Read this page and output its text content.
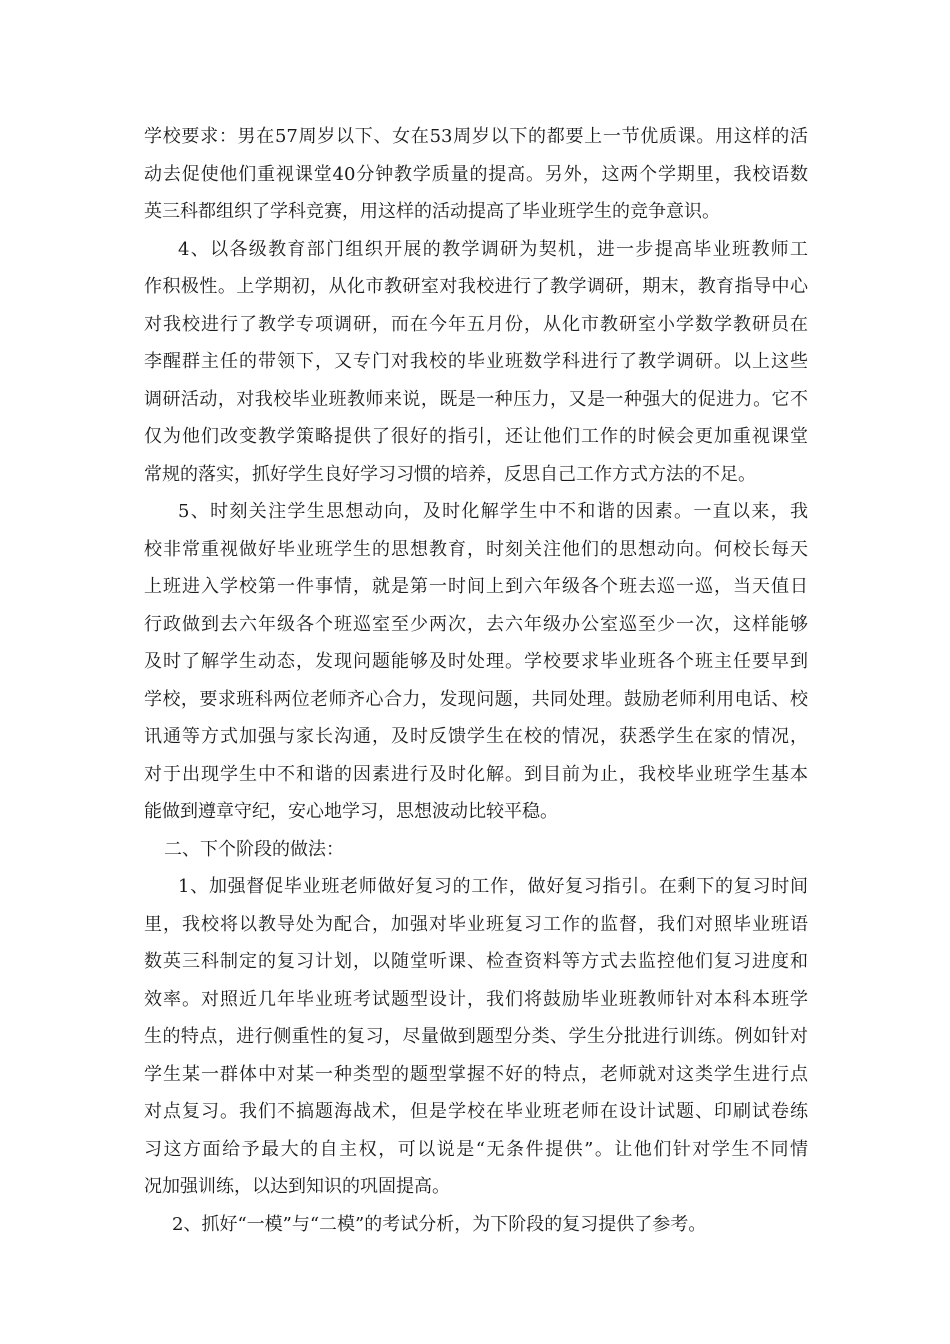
学校要求：男在57周岁以下、女在53周岁以下的都要上一节优质课。用这样的活
动去促使他们重视课堂40分钟教学质量的提高。另外，这两个学期里，我校语数
英三科都组织了学科竞赛，用这样的活动提高了毕业班学生的竞争意识。
4、以各级教育部门组织开展的教学调研为契机，进一步提高毕业班教师工
作积极性。上学期初，从化市教研室对我校进行了教学调研，期末，教育指导中心
对我校进行了教学专项调研，而在今年五月份，从化市教研室小学数学教研员在
李醒群主任的带领下，又专门对我校的毕业班数学科进行了教学调研。以上这些
调研活动，对我校毕业班教师来说，既是一种压力，又是一种强大的促进力。它不
仅为他们改变教学策略提供了很好的指引，还让他们工作的时候会更加重视课堂
常规的落实，抓好学生良好学习习惯的培养，反思自己工作方式方法的不足。
5、时刻关注学生思想动向，及时化解学生中不和谐的因素。一直以来，我
校非常重视做好毕业班学生的思想教育，时刻关注他们的思想动向。何校长每天
上班进入学校第一件事情，就是第一时间上到六年级各个班去巡一巡，当天值日
行政做到去六年级各个班巡室至少两次，去六年级办公室巡至少一次，这样能够
及时了解学生动态，发现问题能够及时处理。学校要求毕业班各个班主任要早到
学校，要求班科两位老师齐心合力，发现问题，共同处理。鼓励老师利用电话、校
讯通等方式加强与家长沟通，及时反馈学生在校的情况，获悉学生在家的情况，
对于出现学生中不和谐的因素进行及时化解。到目前为止，我校毕业班学生基本
能做到遵章守纪，安心地学习，思想波动比较平稳。
二、下个阶段的做法：
1、加强督促毕业班老师做好复习的工作，做好复习指引。在剩下的复习时间
里，我校将以教导处为配合，加强对毕业班复习工作的监督，我们对照毕业班语
数英三科制定的复习计划，以随堂听课、检查资料等方式去监控他们复习进度和
效率。对照近几年毕业班考试题型设计，我们将鼓励毕业班教师针对本科本班学
生的特点，进行侧重性的复习，尽量做到题型分类、学生分批进行训练。例如针对
学生某一群体中对某一种类型的题型掌握不好的特点，老师就对这类学生进行点
对点复习。我们不搞题海战术，但是学校在毕业班老师在设计试题、印刷试卷练
习这方面给予最大的自主权，可以说是“无条件提供”。让他们针对学生不同情
况加强训练，以达到知识的巩固提高。
2、抓好“一模”与“二模”的考试分析，为下阶段的复习提供了参考。
